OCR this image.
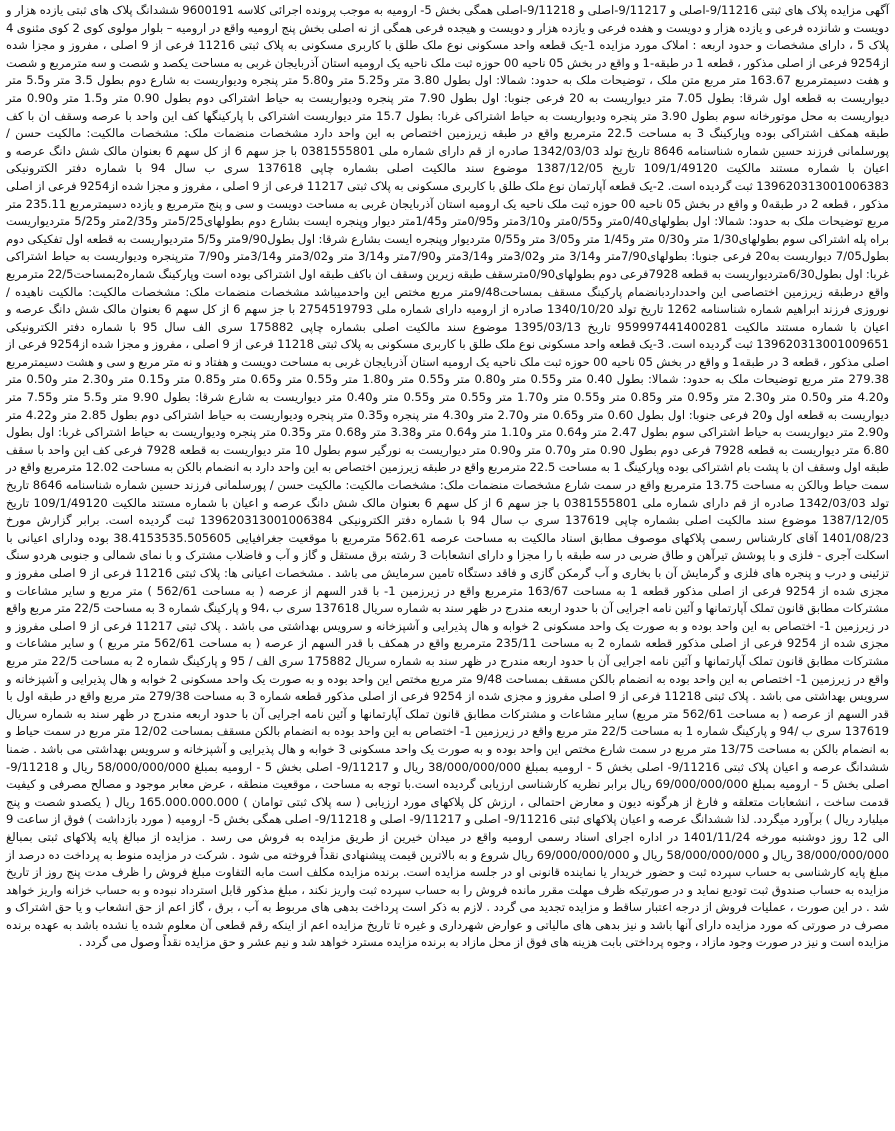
آگهی مزایده پلاک های ثبتی 9/11216-اصلی و 9/11217-اصلی و 9/11218-اصلی همگی بخش 5- ارومیه به موجب پرونده اجرائی کلاسه 9600191 ششدانگ پلاک های ثبتی یازده هزار و دویست و شانزده فرعی و یازده هزار و دویست و هفده فرعی و یازده هزار و دویست و هیجده فرعی همگی از نه اصلی بخش پنج ارومیه واقع در ارومیه – بلوار مولوی کوی 2 کوی مثنوی 4 پلاک 5 ، دارای مشخصات و حدود اربعه : املاک مورد مزایده 1-یک قطعه واحد مسکونی نوع ملک طلق با کاربری مسکونی به پلاک ثبتی 11216 فرعی از 9 اصلی ، مفروز و مجزا شده از9254 فرعی از اصلی مذکور ، قطعه 1 در طبقه-1 و واقع در بخش 05 ناحیه 00 حوزه ثبت ملک ناحیه یک ارومیه استان آذربایجان غربی به مساحت یکصد و شصت و سه مترمربع و شصت و هفت دسیمترمربع 163.67 متر مربع متن ملک ، توضیحات ملک به حدود: شمالا: اول بطول 3.80 متر و5.25 متر و5.80 متر پنجره ودیواریست به شارع دوم بطول 3.5 متر و5.5 متر دیواریست به قطعه اول شرقا: بطول 7.05 متر دیواریست به 20 فرعی جنوبا: اول بطول 7.90 متر پنجره ودیواریست به حیاط اشتراکی دوم بطول 0.90 متر و1.5 متر و0.90 متر دیواریست به محل موتورخانه سوم بطول 3.90 متر پنجره ودیواریست به حیاط اشتراکی غربا: بطول 15.7 متر دیواریست اشتراکی با پارکینگها کف این واحد با عرصه وسقف ان با کف طبقه همکف اشتراکی بوده وپارکینگ 3 به مساحت 22.5 مترمربع واقع در طبقه زیرزمین اختصاص به این واحد دارد مشخصات منضمات ملک: مشخصات مالکیت: مالکیت حسن / پورسلمانی فرزند حسین شماره شناسنامه 8646 تاریخ تولد 1342/03/03 صادره از قم دارای شماره ملی 0381555801 با جز سهم 6 از کل سهم 6 بعنوان مالک شش دانگ عرصه و اعیان با شماره مستند مالکیت 109/1/49120 تاریخ 1387/12/05 موضوع سند مالکیت اصلی بشماره چاپی 137618 سری ب سال 94 با شماره دفتر الکترونیکی 139620313001006383 ثبت گردیده است. 2-یک قطعه آپارتمان نوع ملک طلق با کاربری مسکونی به پلاک ثبتی 11217 فرعی از 9 اصلی ، مفروز و مجزا شده از9254 فرعی از اصلی مذکور ، قطعه 2 در طبقه0 و واقع در بخش 05 ناحیه 00 حوزه ثبت ملک ناحیه یک ارومیه استان آذربایجان غربی به مساحت دویست و سی و پنج مترمربع و یازده دسیمترمربع 235.11 متر مربع توضیحات ملک به حدود: شمالا: اول بطولهای0/40متر و0/55متر و3/10متر و0/95متر و1/45متر دیوار وپنجره ایست بشارع دوم بطولهای5/25متر و2/35متر و5/25 متردیواریست براه پله اشتراکی سوم بطولهای1/30 متر و0/30 متر و1/45 متر و3/05 متر و0/55 متردیوار وپنجره ایست بشارع شرقا: اول بطول9/90متر و5/5 متردیواریست به قطعه اول تفکیکی دوم بطول7/05 دیواریست به20 فرعی جنوبا: بطولهای7/90متر و3/14 متر و3/02متر و3/14متر و7/90متر و3/14 متر و3/02متر و3/14متر و7/90 مترپنجره ودیواریست به حیاط اشتراکی غربا: اول بطول6/30متردیواریست به قطعه 7928فرعی دوم بطولهای0/90مترسقف طبقه زیرین وسقف ان باکف طبقه اول اشتراکی بوده است وپارکینگ شماره2بمساحت22/5 مترمربع واقع درطبقه زیرزمین اختصاصی این واحدداردبانضمام پارکینگ مسقف بمساحت9/48متر مربع مختص این واحدمیباشد مشخصات منضمات ملک: مشخصات مالکیت: مالکیت ناهیده / نوروزی فرزند ابراهیم شماره شناسنامه 1262 تاریخ تولد 1340/10/20 صادره از ارومیه دارای شماره ملی 2754519793 با جز سهم 6 از کل سهم 6 بعنوان مالک شش دانگ عرصه و اعیان با شماره مستند مالکیت 959997441400281 تاریخ 1395/03/13 موضوع سند مالکیت اصلی بشماره چاپی 175882 سری الف سال 95 با شماره دفتر الکترونیکی 139620313001009651 ثبت گردیده است. 3-یک قطعه واحد مسکونی نوع ملک طلق با کاربری مسکونی به پلاک ثبتی 11218 فرعی از 9 اصلی ، مفروز و مجزا شده از9254 فرعی از اصلی مذکور ، قطعه 3 در طبقه1 و واقع در بخش 05 ناحیه 00 حوزه ثبت ملک ناحیه یک ارومیه استان آذربایجان غربی به مساحت دویست و هفتاد و نه متر مربع و سی و هشت دسیمترمربع 279.38 متر مربع توضیحات ملک به حدود: شمالا: بطول 0.40 متر و0.55 متر و0.80 متر و0.55 متر و1.80 متر و0.55 متر و0.65 متر و0.85 متر و0.15 متر و2.30 متر و0.50 متر و4.20 متر و0.50 متر و2.30 متر و0.95 متر و0.85 متر و0.55 متر و1.70 متر و0.55 متر و0.55 متر و0.40 متر دیواریست به شارع شرقا: بطول 9.90 متر و5.5 متر و7.55 متر دیواریست به قطعه اول و20 فرعی جنوبا: اول بطول 0.60 متر و0.65 متر و2.70 متر و4.30 متر پنجره و0.35 متر پنجره ودیواریست به حیاط اشتراکی دوم بطول 2.85 متر و4.22 متر و2.90 متر دیواریست به حیاط اشتراکی سوم بطول 2.47 متر و0.64 متر و1.10 متر و0.64 متر و3.38 متر و0.68 متر و0.35 متر پنجره ودیواریست به حیاط اشتراکی غربا: اول بطول 6.80 متر دیواریست به قطعه 7928 فرعی دوم بطول 0.90 متر و0.70 متر و0.90 متر دیواریست به نورگیر سوم بطول 10 متر دیواریست به قطعه 7928 فرعی کف این واحد با سقف طبقه اول وسقف ان با پشت بام اشتراکی بوده وپارکینگ 1 به مساحت 22.5 مترمربع واقع در طبقه زیرزمین اختصاص به این واحد دارد به انضمام بالکن به مساحت 12.02 مترمربع واقع در سمت حیاط وبالکن به مساحت 13.75 مترمربع واقع در سمت شارع مشخصات منضمات ملک: مشخصات مالکیت: مالکیت حسن / پورسلمانی فرزند حسین شماره شناسنامه 8646 تاریخ تولد 1342/03/03 صادره از قم دارای شماره ملی 0381555801 با جز سهم 6 از کل سهم 6 بعنوان مالک شش دانگ عرصه و اعیان با شماره مستند مالکیت 109/1/49120 تاریخ 1387/12/05 موضوع سند مالکیت اصلی بشماره چاپی 137619 سری ب سال 94 با شماره دفتر الکترونیکی 139620313001006384 ثبت گردیده است. برابر گزارش مورخ 1401/08/23 آقای کارشناس رسمی پلاکهای موصوف مطابق اسناد مالکیت به مساحت عرصه 562.61 مترمربع با موقعیت جغرافیایی 38.4153535.505605 بوده ودارای اعیانی با اسکلت آجری - فلزی و با پوشش تیرآهن و طاق ضربی در سه طبقه با را مجزا و دارای انشعابات 3 رشته برق مستقل و گاز و آب و فاضلاب مشترک و با نمای شمالی و جنوبی هردو سنگ تزئینی و درب و پنجره های فلزی و گرمایش آن با بخاری و آب گرمکن گازی و فاقد دستگاه تامین سرمایش می باشد . مشخصات اعیانی ها: پلاک ثبتی 11216 فرعی از 9 اصلی مفروز و مجزی شده از 9254 فرعی از اصلی مذکور قطعه 1 به مساحت 163/67 مترمربع واقع در زیرزمین 1- با قدر السهم از عرصه ( به مساحت 562/61 ) متر مربع و سایر مشاعات و مشترکات مطابق قانون تملک آپارتمانها و آئین نامه اجرایی آن با حدود اربعه مندرج در ظهر سند به شماره سریال 137618 سری ب ،94 و پارکینگ شماره 3 به مساحت 22/5 متر مربع واقع در زیرزمین 1- اختصاص به این واحد بوده و به صورت یک واحد مسکونی 2 خوابه و هال پذیرایی و آشپزخانه و سرویس بهداشتی می باشد . پلاک ثبتی 11217 فرعی از 9 اصلی مفروز و مجزی شده از 9254 فرعی از اصلی مذکور قطعه شماره 2 به مساحت 235/11 مترمربع واقع در همکف با قدر السهم از عرصه ( به مساحت 562/61 متر مربع ) و سایر مشاعات و مشترکات مطابق قانون تملک آپارتمانها و آئین نامه اجرایی آن با حدود اربعه مندرج در ظهر سند به شماره سریال 175882 سری الف / 95 و پارکینگ شماره 2 به مساحت 22/5 متر مربع واقع در زیرزمین 1- اختصاص به این واحد بوده به انضمام بالکن مسقف بمساحت 9/48 متر مربع مختص این واحد بوده و به صورت یک واحد مسکونی 2 خوابه و هال پذیرایی و آشپزخانه و سرویس بهداشتی می باشد . پلاک ثبتی 11218 فرعی از 9 اصلی مفروز و مجزی شده از 9254 فرعی از اصلی مذکور قطعه شماره 3 به مساحت 279/38 متر مربع واقع در طبقه اول با قدر السهم از عرصه ( به مساحت 562/61 متر مربع) سایر مشاعات و مشترکات مطابق قانون تملک آپارتمانها و آئین نامه اجرایی آن با حدود اربعه مندرج در ظهر سند به شماره سریال 137619 سری ب /94 و پارکینگ شماره 1 به مساحت 22/5 متر مربع واقع در زیرزمین 1- اختصاص به این واحد بوده به انضمام بالکن مسقف بمساحت 12/02 متر مربع در سمت حیاط و به انضمام بالکن به مساحت 13/75 متر مربع در سمت شارع مختص این واحد بوده و به صورت یک واحد مسکونی 3 خوابه و هال پذیرایی و آشپزخانه و سرویس بهداشتی می باشد . ضمنا ششدانگ عرصه و اعیان پلاک ثبتی 9/11216- اصلی بخش 5 - ارومیه بمبلغ 38/000/000/000 ریال و 9/11217- اصلی بخش 5 - ارومیه بمبلغ 58/000/000/000 ریال و 9/11218- اصلی بخش 5 - ارومیه بمبلغ 69/000/000/000 ریال برابر نظریه کارشناسی ارزیابی گردیده است.با توجه به مساحت ، موقعیت منطقه ، عرض معابر موجود و مصالح مصرفی و کیفیت قدمت ساخت ، انشعابات متعلقه و فارغ از هرگونه دیون و معارض احتمالی ، ارزش کل پلاکهای مورد ارزیابی ( سه پلاک ثبتی توامان ) 165.000.000.000 ریال ( یکصدو شصت و پنج میلیارد ریال ) برآورد میگردد. لذا ششدانگ عرصه و اعیان پلاکهای ثبتی 9/11216- اصلی و 9/11217- اصلی و 9/11218- اصلی همگی بخش 5- ارومیه ( مورد بازداشت ) فوق از ساعت 9 الی 12 روز دوشنبه مورخه 1401/11/24 در اداره اجرای اسناد رسمی ارومیه واقع در میدان خیرین از طریق مزایده به فروش می رسد . مزایده از مبالغ پایه پلاکهای ثبتی بمبالغ 38/000/000/000 ریال و 58/000/000/000 ریال و 69/000/000/000 ریال شروع و به بالاترین قیمت پیشنهادی نقداً فروخته می شود . شرکت در مزایده منوط به پرداخت ده درصد از مبلغ پایه کارشناسی به حساب سپرده ثبت و حضور خریدار یا نماینده قانونی او در جلسه مزایده است. برنده مزایده مکلف است مابه التفاوت مبلغ فروش را ظرف مدت پنج روز از تاریخ مزایده به حساب صندوق ثبت تودیع نماید و در صورتیکه ظرف مهلت مقرر مانده فروش را به حساب سپرده ثبت واریز نکند ، مبلغ مذکور قابل استرداد نبوده و به حساب خزانه واریز خواهد شد . در این صورت ، عملیات فروش از درجه اعتبار ساقط و مزایده تجدید می گردد . لازم به ذکر است پرداخت بدهی های مربوط به آب ، برق ، گاز اعم از حق انشعاب و یا حق اشتراک و مصرف در صورتی که مورد مزایده دارای آنها باشد و نیز بدهی های مالیاتی و عوارض شهرداری و غیره تا تاریخ مزایده اعم از اینکه رقم قطعی آن معلوم شده یا نشده باشد به عهده برنده مزایده است و نیز در صورت وجود مازاد ، وجوه پرداختی بابت هزینه های فوق از محل مازاد به برنده مزایده مسترد خواهد شد و نیم عشر و حق مزایده نقداً وصول می گردد .
